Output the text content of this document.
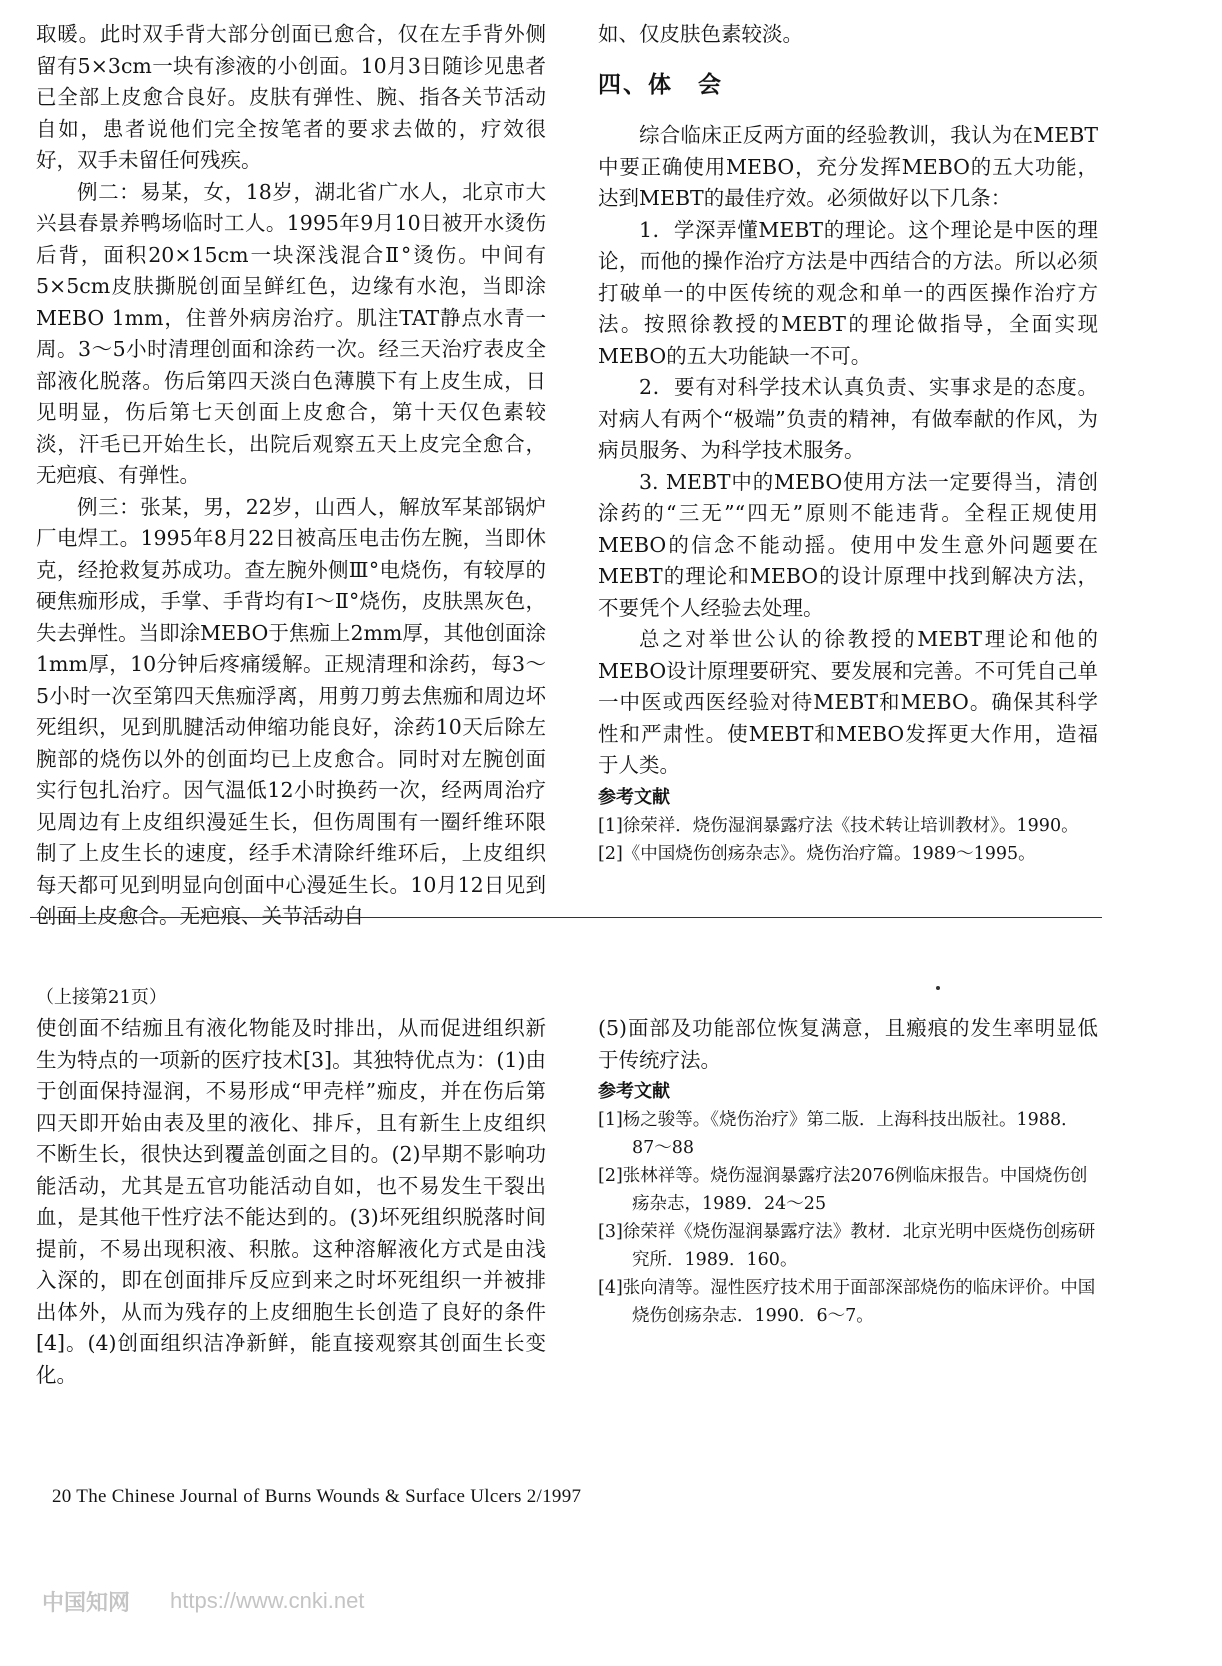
取暖。此时双手背大部分创面已愈合，仅在左手背外侧留有5×3cm一块有渗液的小创面。10月3日随诊见患者已全部上皮愈合良好。皮肤有弹性、腕、指各关节活动自如，患者说他们完全按笔者的要求去做的，疗效很好，双手未留任何残疾。

例二：易某，女，18岁，湖北省广水人，北京市大兴县春景养鸭场临时工人。1995年9月10日被开水烫伤后背，面积20×15cm一块深浅混合Ⅱ°烫伤。中间有5×5cm皮肤撕脱创面呈鲜红色，边缘有水泡，当即涂MEBO 1mm，住普外病房治疗。肌注TAT静点水青一周。3～5小时清理创面和涂药一次。经三天治疗表皮全部液化脱落。伤后第四天淡白色薄膜下有上皮生成，日见明显，伤后第七天创面上皮愈合，第十天仅色素较淡，汗毛已开始生长，出院后观察五天上皮完全愈合，无疤痕、有弹性。

例三：张某，男，22岁，山西人，解放军某部锅炉厂电焊工。1995年8月22日被高压电击伤左腕，当即休克，经抢救复苏成功。查左腕外侧Ⅲ°电烧伤，有较厚的硬焦痂形成，手掌、手背均有Ⅰ～Ⅱ°烧伤，皮肤黑灰色，失去弹性。当即涂MEBO于焦痂上2mm厚，其他创面涂1mm厚，10分钟后疼痛缓解。正规清理和涂药，每3～5小时一次至第四天焦痂浮离，用剪刀剪去焦痂和周边坏死组织，见到肌腱活动伸缩功能良好，涂药10天后除左腕部的烧伤以外的创面均已上皮愈合。同时对左腕创面实行包扎治疗。因气温低12小时换药一次，经两周治疗见周边有上皮组织漫延生长，但伤周围有一圈纤维环限制了上皮生长的速度，经手术清除纤维环后，上皮组织每天都可见到明显向创面中心漫延生长。10月12日见到创面上皮愈合。无疤痕、关节活动自

如、仅皮肤色素较淡。

四、体　会

综合临床正反两方面的经验教训，我认为在MEBT中要正确使用MEBO，充分发挥MEBO的五大功能，达到MEBT的最佳疗效。必须做好以下几条：

1．学深弄懂MEBT的理论。这个理论是中医的理论，而他的操作治疗方法是中西结合的方法。所以必须打破单一的中医传统的观念和单一的西医操作治疗方法。按照徐教授的MEBT的理论做指导，全面实现MEBO的五大功能缺一不可。

2．要有对科学技术认真负责、实事求是的态度。对病人有两个“极端”负责的精神，有做奉献的作风，为病员服务、为科学技术服务。

3. MEBT中的MEBO使用方法一定要得当，清创涂药的“三无”“四无”原则不能违背。全程正规使用MEBO的信念不能动摇。使用中发生意外问题要在MEBT的理论和MEBO的设计原理中找到解决方法，不要凭个人经验去处理。

总之对举世公认的徐教授的MEBT理论和他的MEBO设计原理要研究、要发展和完善。不可凭自己单一中医或西医经验对待MEBT和MEBO。确保其科学性和严肃性。使MEBT和MEBO发挥更大作用，造福于人类。

参考文献

[1]徐荣祥．烧伤湿润暴露疗法《技术转让培训教材》。1990。

[2]《中国烧伤创疡杂志》。烧伤治疗篇。1989～1995。

（上接第21页）

使创面不结痂且有液化物能及时排出，从而促进组织新生为特点的一项新的医疗技术[3]。其独特优点为：(1)由于创面保持湿润，不易形成“甲壳样”痂皮，并在伤后第四天即开始由表及里的液化、排斥，且有新生上皮组织不断生长，很快达到覆盖创面之目的。(2)早期不影响功能活动，尤其是五官功能活动自如，也不易发生干裂出血，是其他干性疗法不能达到的。(3)坏死组织脱落时间提前，不易出现积液、积脓。这种溶解液化方式是由浅入深的，即在创面排斥反应到来之时坏死组织一并被排出体外，从而为残存的上皮细胞生长创造了良好的条件[4]。(4)创面组织洁净新鲜，能直接观察其创面生长变化。

(5)面部及功能部位恢复满意，且瘢痕的发生率明显低于传统疗法。

参考文献

[1]杨之骏等。《烧伤治疗》第二版．上海科技出版社。1988．87～88

[2]张林祥等。烧伤湿润暴露疗法2076例临床报告。中国烧伤创疡杂志，1989．24～25

[3]徐荣祥《烧伤湿润暴露疗法》教材．北京光明中医烧伤创疡研究所．1989．160。

[4]张向清等。湿性医疗技术用于面部深部烧伤的临床评价。中国烧伤创疡杂志．1990．6～7。

20 The Chinese Journal of Burns Wounds & Surface Ulcers 2/1997
中国知网 https://www.cnki.net
